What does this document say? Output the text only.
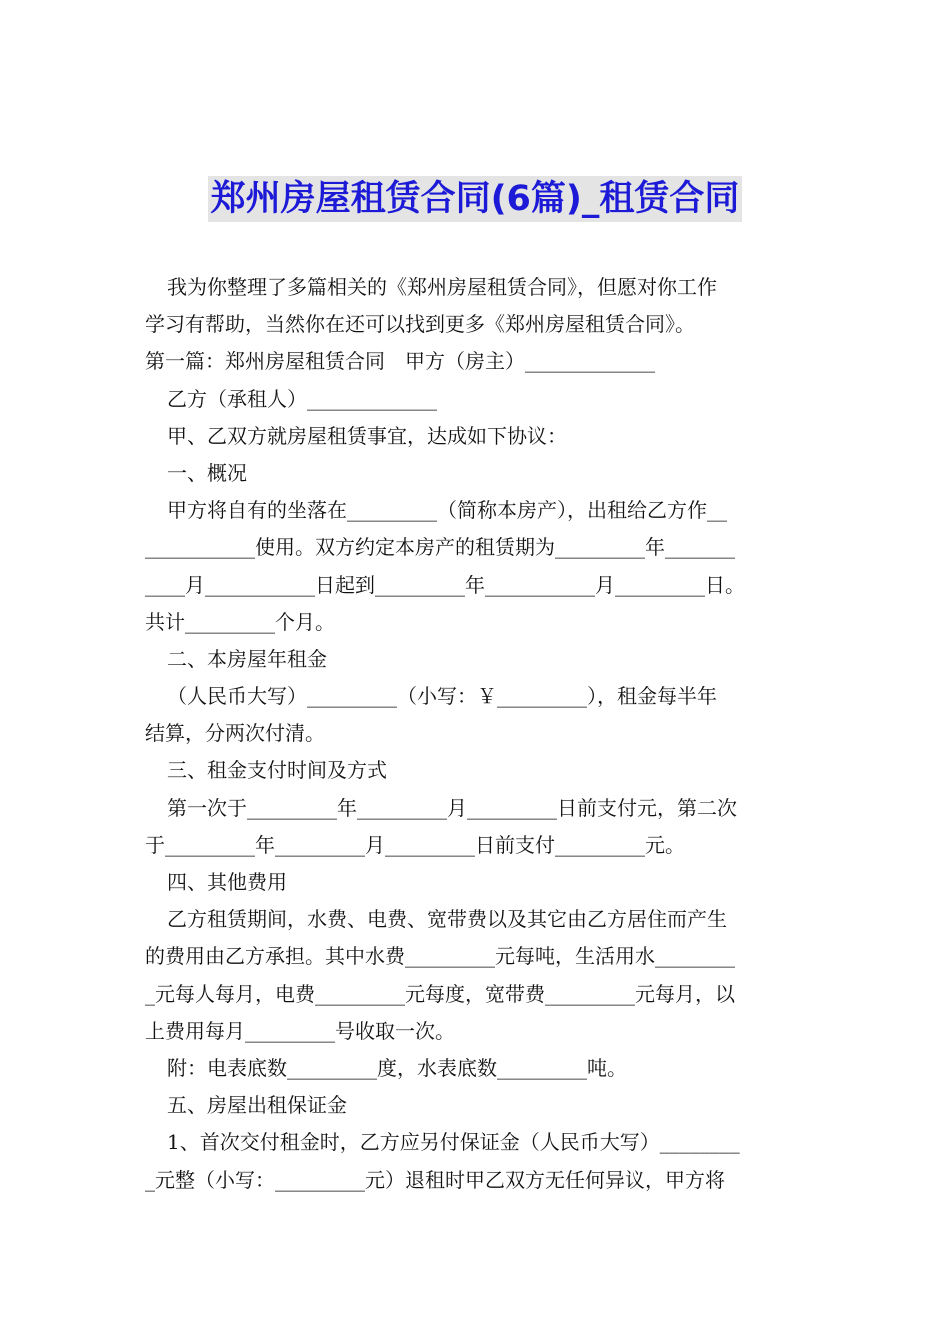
郑州房屋租赁合同(6篇)_租赁合同
我为你整理了多篇相关的《郑州房屋租赁合同》，但愿对你工作
学习有帮助，当然你在还可以找到更多《郑州房屋租赁合同》。
第一篇：郑州房屋租赁合同　甲方（房主）_____________
乙方（承租人）_____________
甲、乙双方就房屋租赁事宜，达成如下协议：
一、概况
甲方将自有的坐落在_________（简称本房产），出租给乙方作__
___________使用。双方约定本房产的租赁期为_________年_______
____月___________日起到_________年___________月_________日。
共计_________个月。
二、本房屋年租金
（人民币大写）_________（小写：￥_________），租金每半年
结算，分两次付清。
三、租金支付时间及方式
第一次于_________年_________月_________日前支付元，第二次
于_________年_________月_________日前支付_________元。
四、其他费用
乙方租赁期间，水费、电费、宽带费以及其它由乙方居住而产生
的费用由乙方承担。其中水费_________元每吨，生活用水________
_元每人每月，电费_________元每度，宽带费_________元每月，以
上费用每月_________号收取一次。
附：电表底数_________度，水表底数_________吨。
五、房屋出租保证金
1、首次交付租金时，乙方应另付保证金（人民币大写）________
_元整（小写：_________元）退租时甲乙双方无任何异议，甲方将
